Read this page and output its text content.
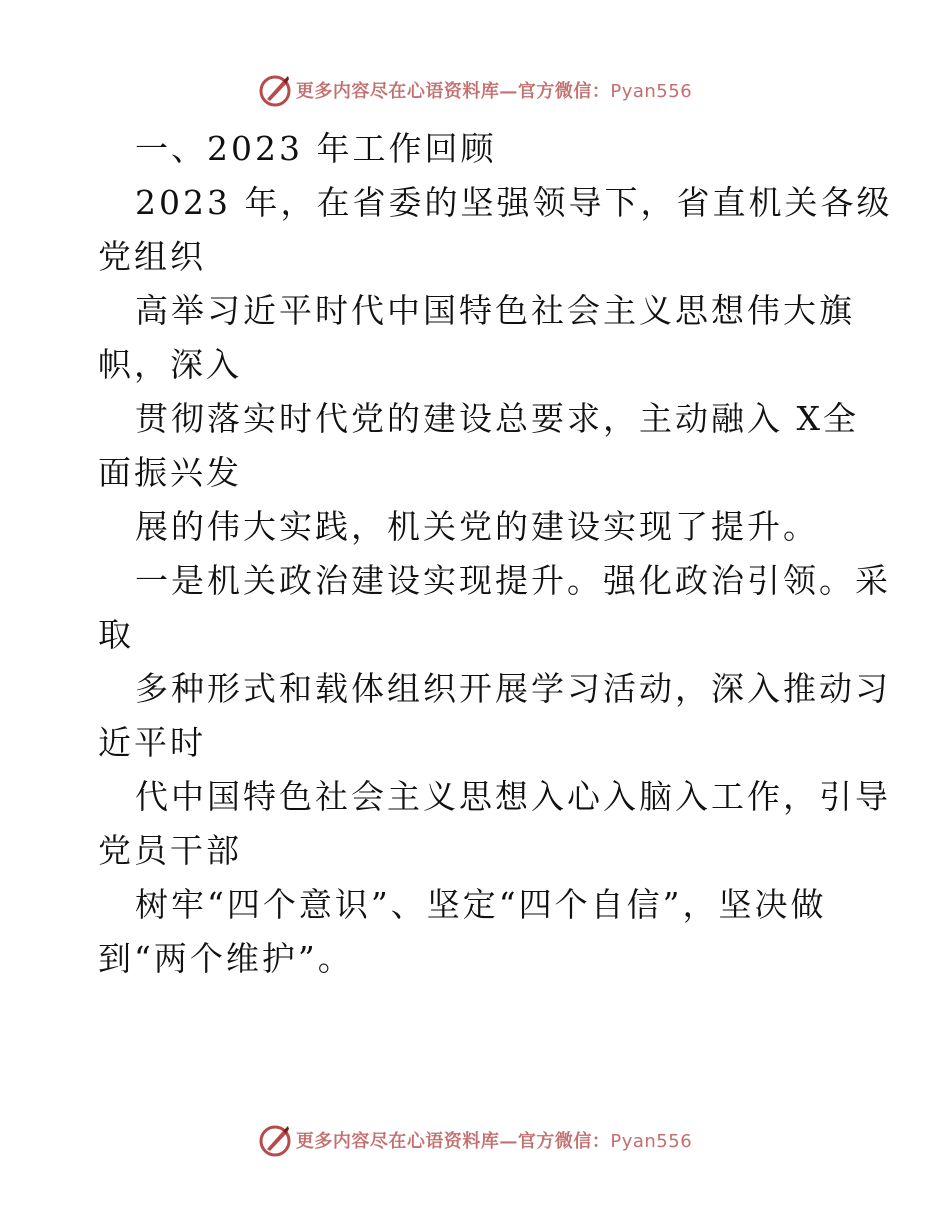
更多内容尽在心语资料库—官方微信：Pyan556
一、2023 年工作回顾
2023 年，在省委的坚强领导下，省直机关各级
党组织
高举习近平时代中国特色社会主义思想伟大旗
帜，深入
贯彻落实时代党的建设总要求，主动融入 X全
面振兴发
展的伟大实践，机关党的建设实现了提升。
一是机关政治建设实现提升。强化政治引领。采
取
多种形式和载体组织开展学习活动，深入推动习
近平时
代中国特色社会主义思想入心入脑入工作，引导
党员干部
树牢“四个意识”、坚定“四个自信”，坚决做
到“两个维护”。
更多内容尽在心语资料库—官方微信：Pyan556
